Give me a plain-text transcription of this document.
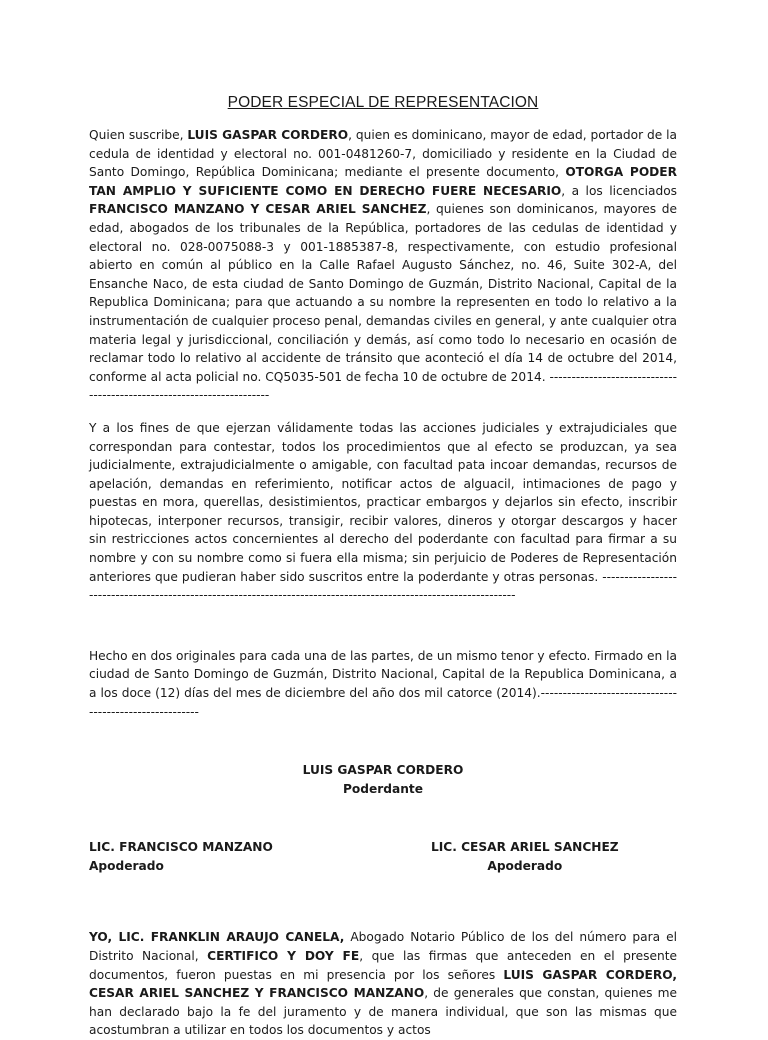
PODER ESPECIAL DE REPRESENTACION

Quien suscribe, LUIS GASPAR CORDERO, quien es dominicano, mayor de edad, portador de la cedula de identidad y electoral no. 001-0481260-7, domiciliado y residente en la Ciudad de Santo Domingo, República Dominicana; mediante el presente documento, OTORGA PODER TAN AMPLIO Y SUFICIENTE COMO EN DERECHO FUERE NECESARIO, a los licenciados FRANCISCO MANZANO Y CESAR ARIEL SANCHEZ, quienes son dominicanos, mayores de edad, abogados de los tribunales de la República, portadores de las cedulas de identidad y electoral no. 028-0075088-3 y 001-1885387-8, respectivamente, con estudio profesional abierto en común al público en la Calle Rafael Augusto Sánchez, no. 46, Suite 302-A, del Ensanche Naco, de esta ciudad de Santo Domingo de Guzmán, Distrito Nacional, Capital de la Republica Dominicana; para que actuando a su nombre la representen en todo lo relativo a la instrumentación de cualquier proceso penal, demandas civiles en general, y ante cualquier otra materia legal y jurisdiccional, conciliación y demás, así como todo lo necesario en ocasión de reclamar todo lo relativo al accidente de tránsito que aconteció el día 14 de octubre del 2014, conforme al acta policial no. CQ5035-501 de fecha 10 de octubre de 2014. ----------------------------------------------------------------------

Y a los fines de que ejerzan válidamente todas las acciones judiciales y extrajudiciales que correspondan para contestar, todos los procedimientos que al efecto se produzcan, ya sea judicialmente, extrajudicialmente o amigable, con facultad pata incoar demandas, recursos de apelación, demandas en referimiento, notificar actos de alguacil, intimaciones de pago y puestas en mora, querellas, desistimientos, practicar embargos y dejarlos sin efecto, inscribir hipotecas, interponer recursos, transigir, recibir valores, dineros y otorgar descargos y hacer sin restricciones actos concernientes al derecho del poderdante con facultad para firmar a su nombre y con su nombre como si fuera ella misma; sin perjuicio de Poderes de Representación anteriores que pudieran haber sido suscritos entre la poderdante y otras personas. ------------------------------------------------------------------------------------------------------------------

Hecho en dos originales para cada una de las partes, de un mismo tenor y efecto. Firmado en la ciudad de Santo Domingo de Guzmán, Distrito Nacional, Capital de la Republica Dominicana, a a los doce (12) días del mes de diciembre del año dos mil catorce (2014).--------------------------------------------------------

LUIS GASPAR CORDERO
Poderdante
LIC. FRANCISCO MANZANO
Apoderado
LIC. CESAR ARIEL SANCHEZ
Apoderado

YO, LIC. FRANKLIN ARAUJO CANELA, Abogado Notario Público de los del número para el Distrito Nacional, CERTIFICO Y DOY FE, que las firmas que anteceden en el presente documentos, fueron puestas en mi presencia por los señores LUIS GASPAR CORDERO, CESAR ARIEL SANCHEZ Y FRANCISCO MANZANO, de generales que constan, quienes me han declarado bajo la fe del juramento y de manera individual, que son las mismas que acostumbran a utilizar en todos los documentos y actos
